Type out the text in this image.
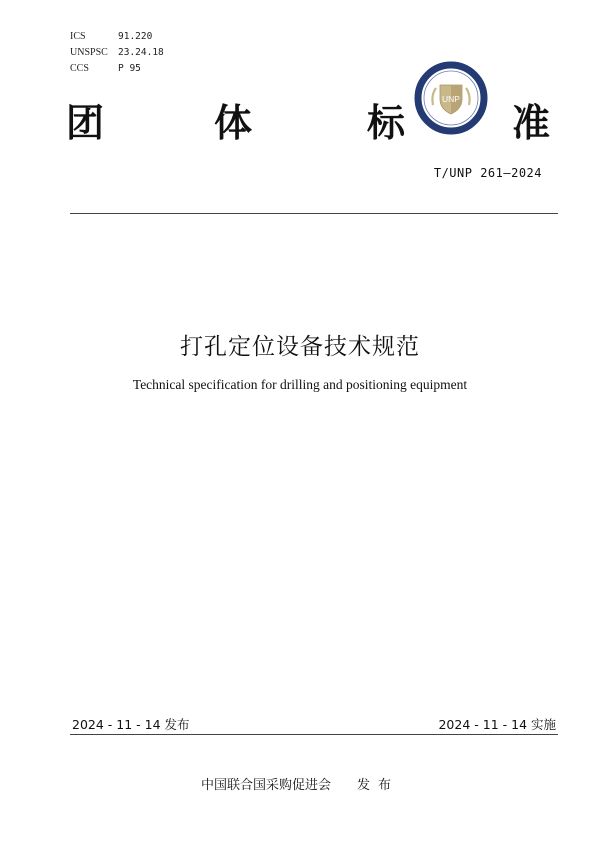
ICS	91.220
UNSPSC	23.24.18
CCS	P 95
UNP
团	体	标	准
T/UNP 261—2024
打孔定位设备技术规范
Technical specification for drilling and positioning equipment
2024 - 11 - 14 发布	2024 - 11 - 14 实施
中国联合国采购促进会 发布
